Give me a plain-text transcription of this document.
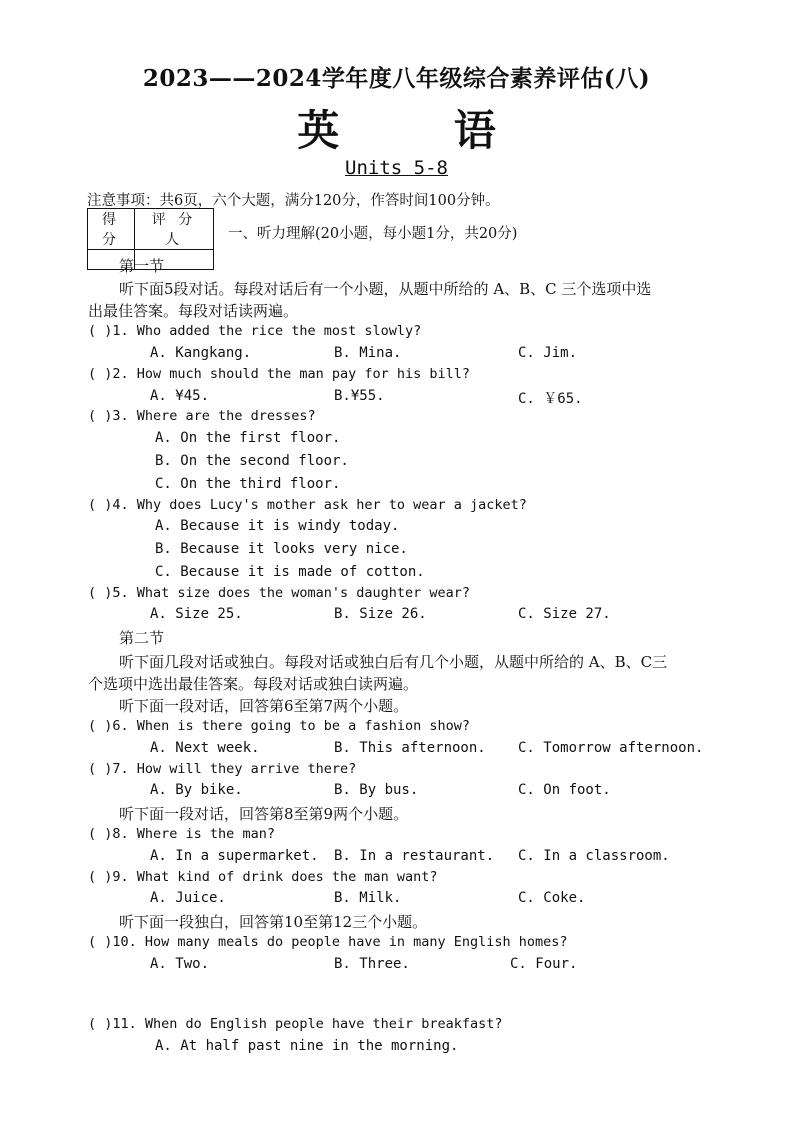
2023——2024学年度八年级综合素养评估(八)
英 语
Units 5-8
注意事项：共6页，六个大题，满分120分，作答时间100分钟。
得 分	评 分 人
		一、听力理解(20小题，每小题1分，共20分)
第一节
听下面5段对话。每段对话后有一个小题，从题中所给的 A、B、C 三个选项中选
出最佳答案。每段对话读两遍。
( )1. Who added the rice the most slowly?
A. Kangkang.	B. Mina.	C. Jim.
( )2. How much should the man pay for his bill?
A. ¥45.	B.¥55.	C. ￥65.
( )3. Where are the dresses?
A. On the first floor.
B. On the second floor.
C. On the third floor.
( )4. Why does Lucy's mother ask her to wear a jacket?
A. Because it is windy today.
B. Because it looks very nice.
C. Because it is made of cotton.
( )5. What size does the woman's daughter wear?
A. Size 25.	B. Size 26.	C. Size 27.
第二节
听下面几段对话或独白。每段对话或独白后有几个小题，从题中所给的 A、B、C三
个选项中选出最佳答案。每段对话或独白读两遍。
听下面一段对话，回答第6至第7两个小题。
( )6. When is there going to be a fashion show?
A. Next week.	B. This afternoon. C. Tomorrow afternoon.
( )7. How will they arrive there?
A. By bike.	B. By bus.	C. On foot.
听下面一段对话，回答第8至第9两个小题。
( )8. Where is the man?
A. In a supermarket. B. In a restaurant. C. In a classroom.
( )9. What kind of drink does the man want?
A. Juice.	B. Milk.	C. Coke.
听下面一段独白，回答第10至第12三个小题。
( )10. How many meals do people have in many English homes?
A. Two.	B. Three.	C. Four.
( )11. When do English people have their breakfast?
A. At half past nine in the morning.
